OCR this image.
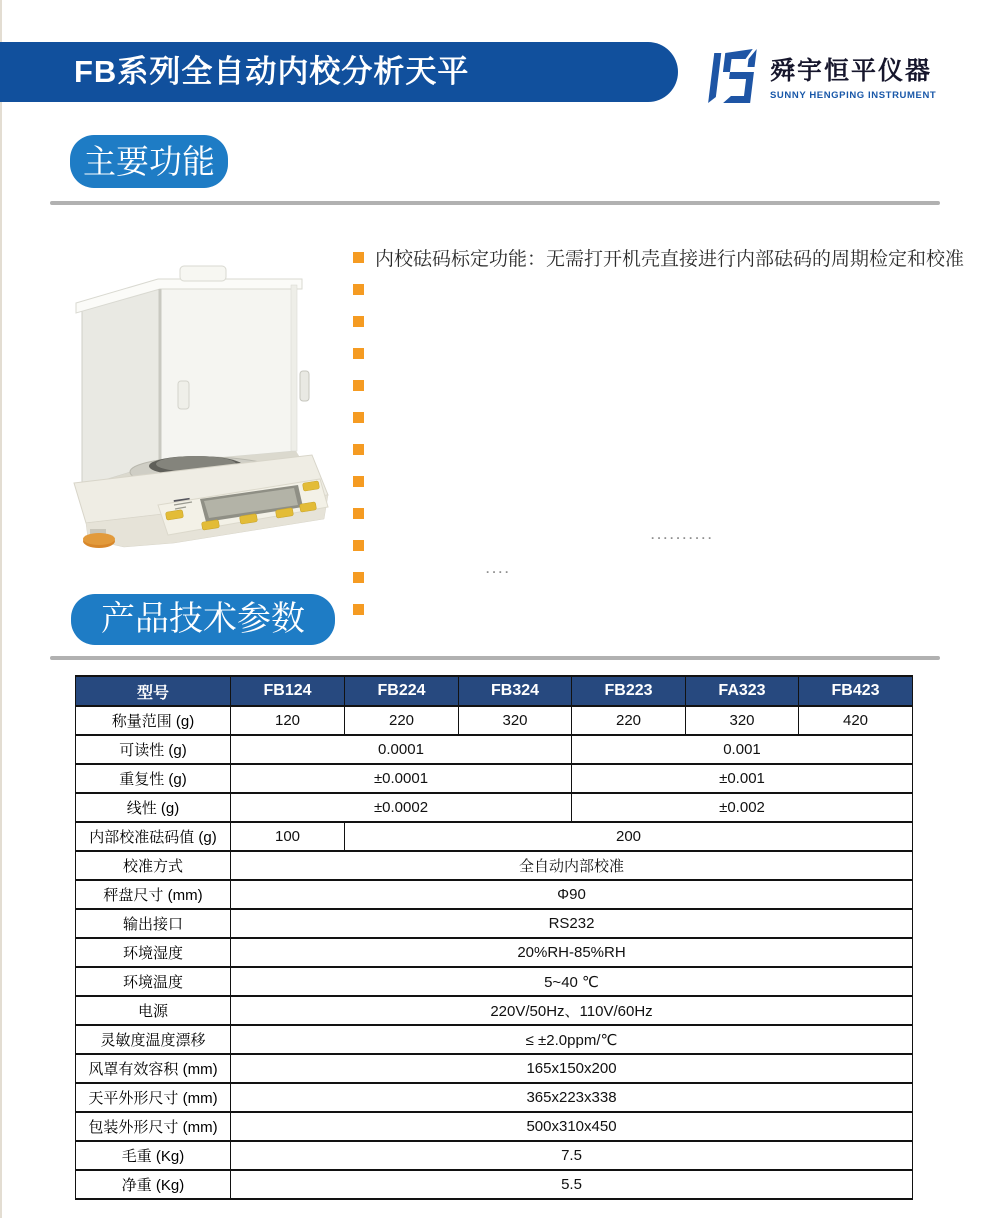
FB系列全自动内校分析天平	舜宇恒平仪器
SUNNY HENGPING INSTRUMENT
主要功能
内校砝码标定功能：无需打开机壳直接进行内部砝码的周期检定和校准
..........
....
产品技术参数
型号	FB124	FB224	FB324	FB223	FA323	FB423
称量范围 (g)	120	220	320	220	320	420
可读性 (g)	0.0001			0.001		
重复性 (g)	±0.0001			±0.001		
线性 (g)	±0.0002			±0.002		
内部校准砝码值 (g)	100	200				
校准方式	全自动内部校准					
秤盘尺寸 (mm)	Φ90					
输出接口	RS232					
环境湿度	20%RH-85%RH					
环境温度	5~40 ℃					
电源	220V/50Hz、110V/60Hz					
灵敏度温度漂移	≤ ±2.0ppm/℃					
风罩有效容积 (mm)	165x150x200					
天平外形尺寸 (mm)	365x223x338					
包装外形尺寸 (mm)	500x310x450					
毛重 (Kg)	7.5					
净重 (Kg)	5.5					
